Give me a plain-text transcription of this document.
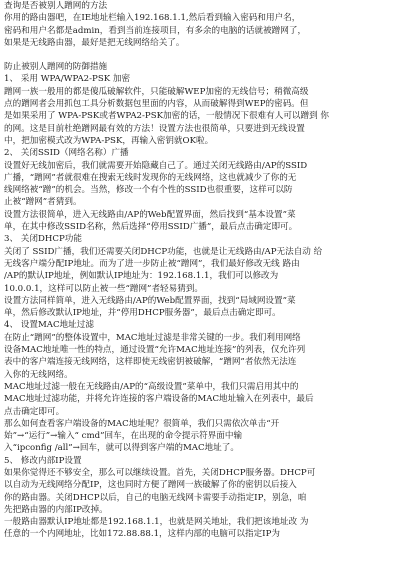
查询是否被别人蹭网的方法
你用的路由器吧，在IE地址栏输入192.168.1.1,然后看到输入密码和用户名，
密码和用户名都是admin，看到当前连接项目，有多余的电脑的话就被蹭网了，
如果是无线路由器，最好是把无线网络给关了。
防止被别人蹭网的防御措施
1、 采用 WPA/WPA2-PSK 加密
蹭网一族一般用的都是傻瓜破解软件，只能破解WEP加密的无线信号；稍微高级
点的蹭网者会用抓包工具分析数据包里面的内容，从而破解得到WEP的密码。但
是如果采用了 WPA-PSK或者WPA2-PSK加密的话，一般情况下很难有人可以蹭到 你
的网。这是目前杜绝蹭网最有效的方法！设置方法也很简单，只要进到无线设置
中，把加密模式改为WPA-PSK，再输入密钥就OK啦。
2、 关闭SSID（网络名称）广播
设置好无线加密后，我们就需要开始隐藏自己了。通过关闭无线路由/AP的SSID
广播，“蹭网”者就很难在搜索无线时发现你的无线网络，这也就减少了你的无
线网络被“蹭”的机会。当然，修改一个有个性的SSID也很重要，这样可以防
止被“蹭网”者猜到。
设置方法很简单，进入无线路由/AP的Web配置界面，然后找到“基本设置”菜
单，在其中修改SSID名称，然后选择“停用SSID广播”，最后点击确定即可。
3、 关闭DHCP功能
关闭了 SSID广播，我们还需要关闭DHCP功能，也就是让无线路由/AP无法自动 给
无线客户端分配IP地址。而为了进一步防止被“蹭网”，我们最好修改无线 路由
/AP的默认IP地址，例如默认IP地址为：192.168.1.1，我们可以修改为
10.0.0.1，这样可以防止被一些“蹭网”者轻易猜到。
设置方法同样简单，进入无线路由/AP的Web配置界面，找到“局域网设置”菜
单，然后修改默认IP地址，并“停用DHCP服务器”，最后点击确定即可。
4、 设置MAC地址过滤
在防止“蹭网”的整体设置中，MAC地址过滤是非常关键的一步。我们利用网络
设备MAC地址唯一性的特点，通过设置“允许MAC地址连接”的列表，仅允许列
表中的客户端连接无线网络，这样即使无线密钥被破解，“蹭网”者依然无法连
入你的无线网络。
MAC地址过滤一般在无线路由/AP的“高级设置”菜单中，我们只需启用其中的
MAC地址过滤功能，并将允许连接的客户端设备的MAC地址输入在列表中，最后
点击确定即可。
那么如何查看客户端设备的MAC地址呢？很简单，我们只需依次单击“开
始”→“运行”→输入“ cmd”回车，在出现的命令提示符界面中输
入“ipconfig /all”→回车，就可以得到客户端的MAC地址了。
5、 修改内部IP设置
如果你觉得还不够安全，那么可以继续设置。首先，关闭DHCP服务器。DHCP可
以自动为无线网络分配IP，这也同时方便了蹭网一族破解了你的密钥以后接入
你的路由器。关闭DHCP以后，自己的电脑无线网卡需要手动指定IP，别急，咱
先把路由器的内部IP改掉。
一般路由器默认IP地址都是192.168.1.1，也就是网关地址，我们把该地址改 为
任意的一个内网地址，比如172.88.88.1，这样内部的电脑可以指定IP为
